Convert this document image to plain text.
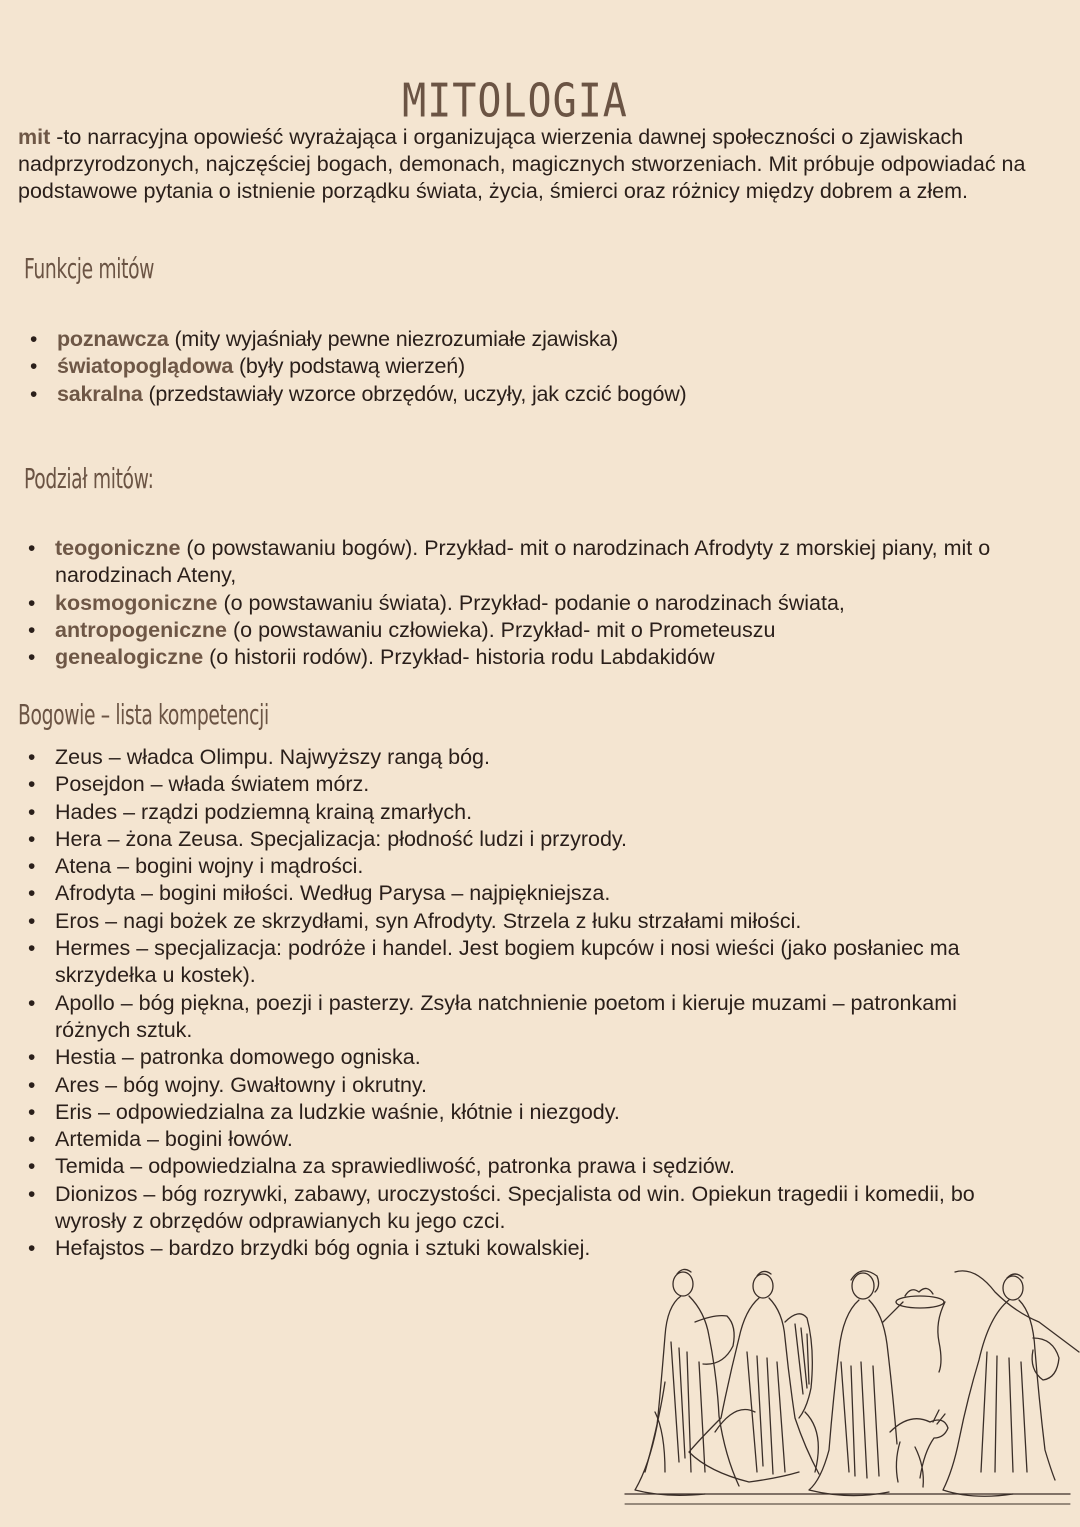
MITOLOGIA

mit -to narracyjna opowieść wyrażająca i organizująca wierzenia dawnej społeczności o zjawiskach nadprzyrodzonych, najczęściej bogach, demonach, magicznych stworzeniach. Mit próbuje odpowiadać na podstawowe pytania o istnienie porządku świata, życia, śmierci oraz różnicy między dobrem a złem.

Funkcje mitów
• poznawcza (mity wyjaśniały pewne niezrozumiałe zjawiska)
• światopoglądowa (były podstawą wierzeń)
• sakralna (przedstawiały wzorce obrzędów, uczyły, jak czcić bogów)
Podział mitów:
• teogoniczne (o powstawaniu bogów). Przykład- mit o narodzinach Afrodyty z morskiej piany, mit o narodzinach Ateny,
• kosmogoniczne (o powstawaniu świata). Przykład- podanie o narodzinach świata,
• antropogeniczne (o powstawaniu człowieka). Przykład- mit o Prometeuszu
• genealogiczne (o historii rodów). Przykład- historia rodu Labdakidów
Bogowie – lista kompetencji
• Zeus – władca Olimpu. Najwyższy rangą bóg.
• Posejdon – włada światem mórz.
• Hades – rządzi podziemną krainą zmarłych.
• Hera – żona Zeusa. Specjalizacja: płodność ludzi i przyrody.
• Atena – bogini wojny i mądrości.
• Afrodyta – bogini miłości. Według Parysa – najpiękniejsza.
• Eros – nagi bożek ze skrzydłami, syn Afrodyty. Strzela z łuku strzałami miłości.
• Hermes – specjalizacja: podróże i handel. Jest bogiem kupców i nosi wieści (jako posłaniec ma skrzydełka u kostek).
• Apollo – bóg piękna, poezji i pasterzy. Zsyła natchnienie poetom i kieruje muzami – patronkami różnych sztuk.
• Hestia – patronka domowego ogniska.
• Ares – bóg wojny. Gwałtowny i okrutny.
• Eris – odpowiedzialna za ludzkie waśnie, kłótnie i niezgody.
• Artemida – bogini łowów.
• Temida – odpowiedzialna za sprawiedliwość, patronka prawa i sędziów.
• Dionizos – bóg rozrywki, zabawy, uroczystości. Specjalista od win. Opiekun tragedii i komedii, bo wyrosły z obrzędów odprawianych ku jego czci.
• Hefajstos – bardzo brzydki bóg ognia i sztuki kowalskiej.
